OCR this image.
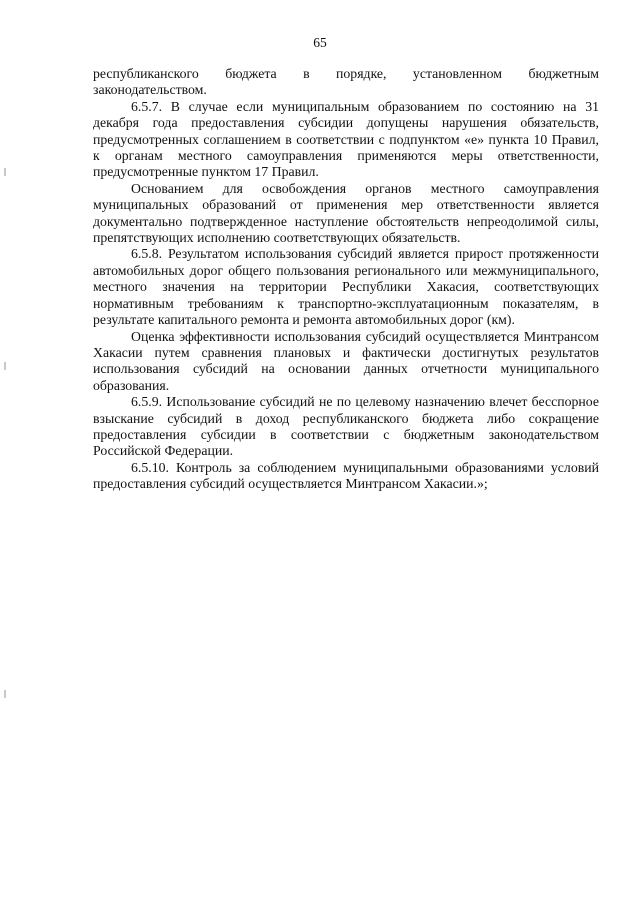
65

республиканского бюджета в порядке, установленном бюджетным законодательством.

6.5.7. В случае если муниципальным образованием по состоянию на 31 декабря года предоставления субсидии допущены нарушения обязательств, предусмотренных соглашением в соответствии с подпунктом «е» пункта 10 Правил, к органам местного самоуправления применяются меры ответственности, предусмотренные пунктом 17 Правил.

Основанием для освобождения органов местного самоуправления муниципальных образований от применения мер ответственности является документально подтвержденное наступление обстоятельств непреодолимой силы, препятствующих исполнению соответствующих обязательств.

6.5.8. Результатом использования субсидий является прирост протяженности автомобильных дорог общего пользования регионального или межмуниципального, местного значения на территории Республики Хакасия, соответствующих нормативным требованиям к транспортно-эксплуатационным показателям, в результате капитального ремонта и ремонта автомобильных дорог (км).

Оценка эффективности использования субсидий осуществляется Минтрансом Хакасии путем сравнения плановых и фактически достигнутых результатов использования субсидий на основании данных отчетности муниципального образования.

6.5.9. Использование субсидий не по целевому назначению влечет бесспорное взыскание субсидий в доход республиканского бюджета либо сокращение предоставления субсидии в соответствии с бюджетным законодательством Российской Федерации.

6.5.10. Контроль за соблюдением муниципальными образованиями условий предоставления субсидий осуществляется Минтрансом Хакасии.»;
